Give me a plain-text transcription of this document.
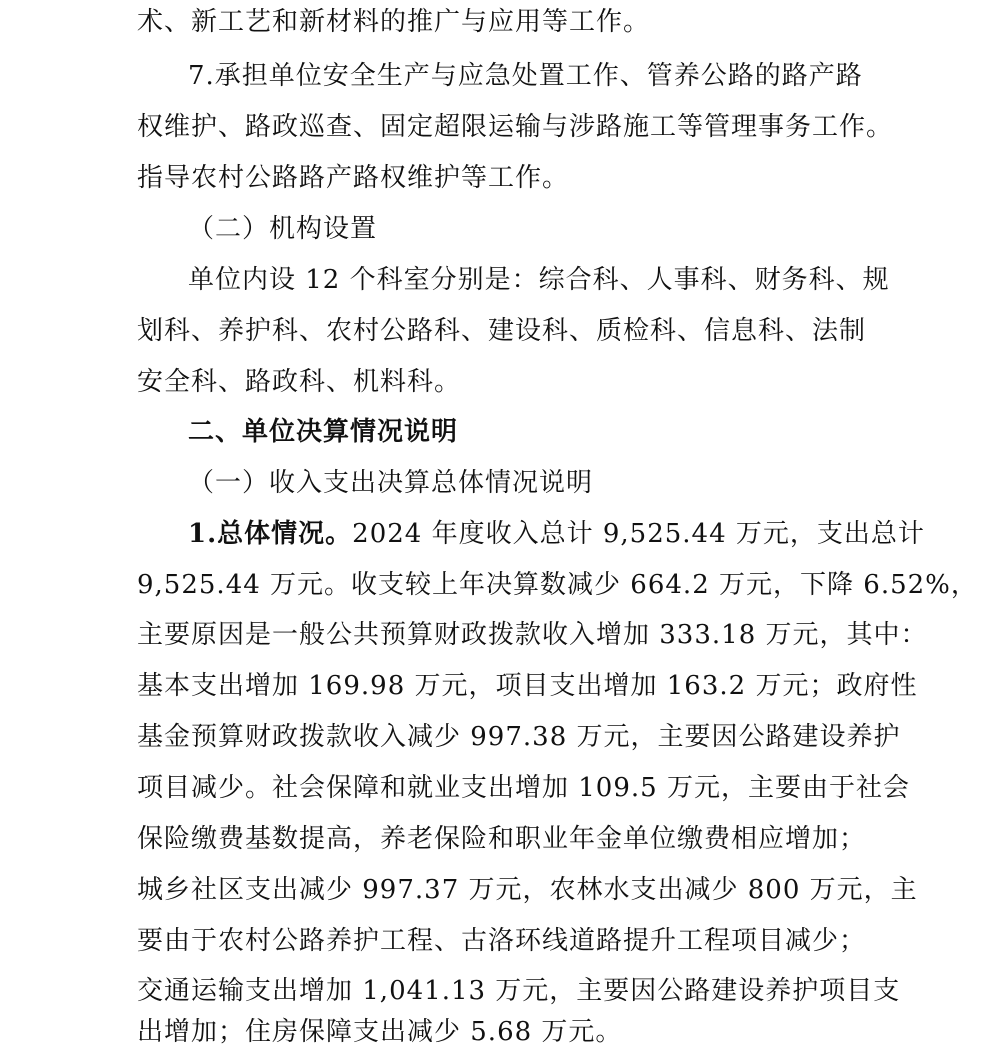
术、新工艺和新材料的推广与应用等工作。
7.承担单位安全生产与应急处置工作、管养公路的路产路
权维护、路政巡查、固定超限运输与涉路施工等管理事务工作。
指导农村公路路产路权维护等工作。
（二）机构设置
单位内设 12 个科室分别是：综合科、人事科、财务科、规
划科、养护科、农村公路科、建设科、质检科、信息科、法制
安全科、路政科、机料科。
二、单位决算情况说明
（一）收入支出决算总体情况说明
1.总体情况。2024 年度收入总计 9,525.44 万元，支出总计
9,525.44 万元。收支较上年决算数减少 664.2 万元，下降 6.52%，
主要原因是一般公共预算财政拨款收入增加 333.18 万元，其中：
基本支出增加 169.98 万元，项目支出增加 163.2 万元；政府性
基金预算财政拨款收入减少 997.38 万元，主要因公路建设养护
项目减少。社会保障和就业支出增加 109.5 万元，主要由于社会
保险缴费基数提高，养老保险和职业年金单位缴费相应增加；
城乡社区支出减少 997.37 万元，农林水支出减少 800 万元，主
要由于农村公路养护工程、古洛环线道路提升工程项目减少；
交通运输支出增加 1,041.13 万元，主要因公路建设养护项目支
出增加；住房保障支出减少 5.68 万元。
